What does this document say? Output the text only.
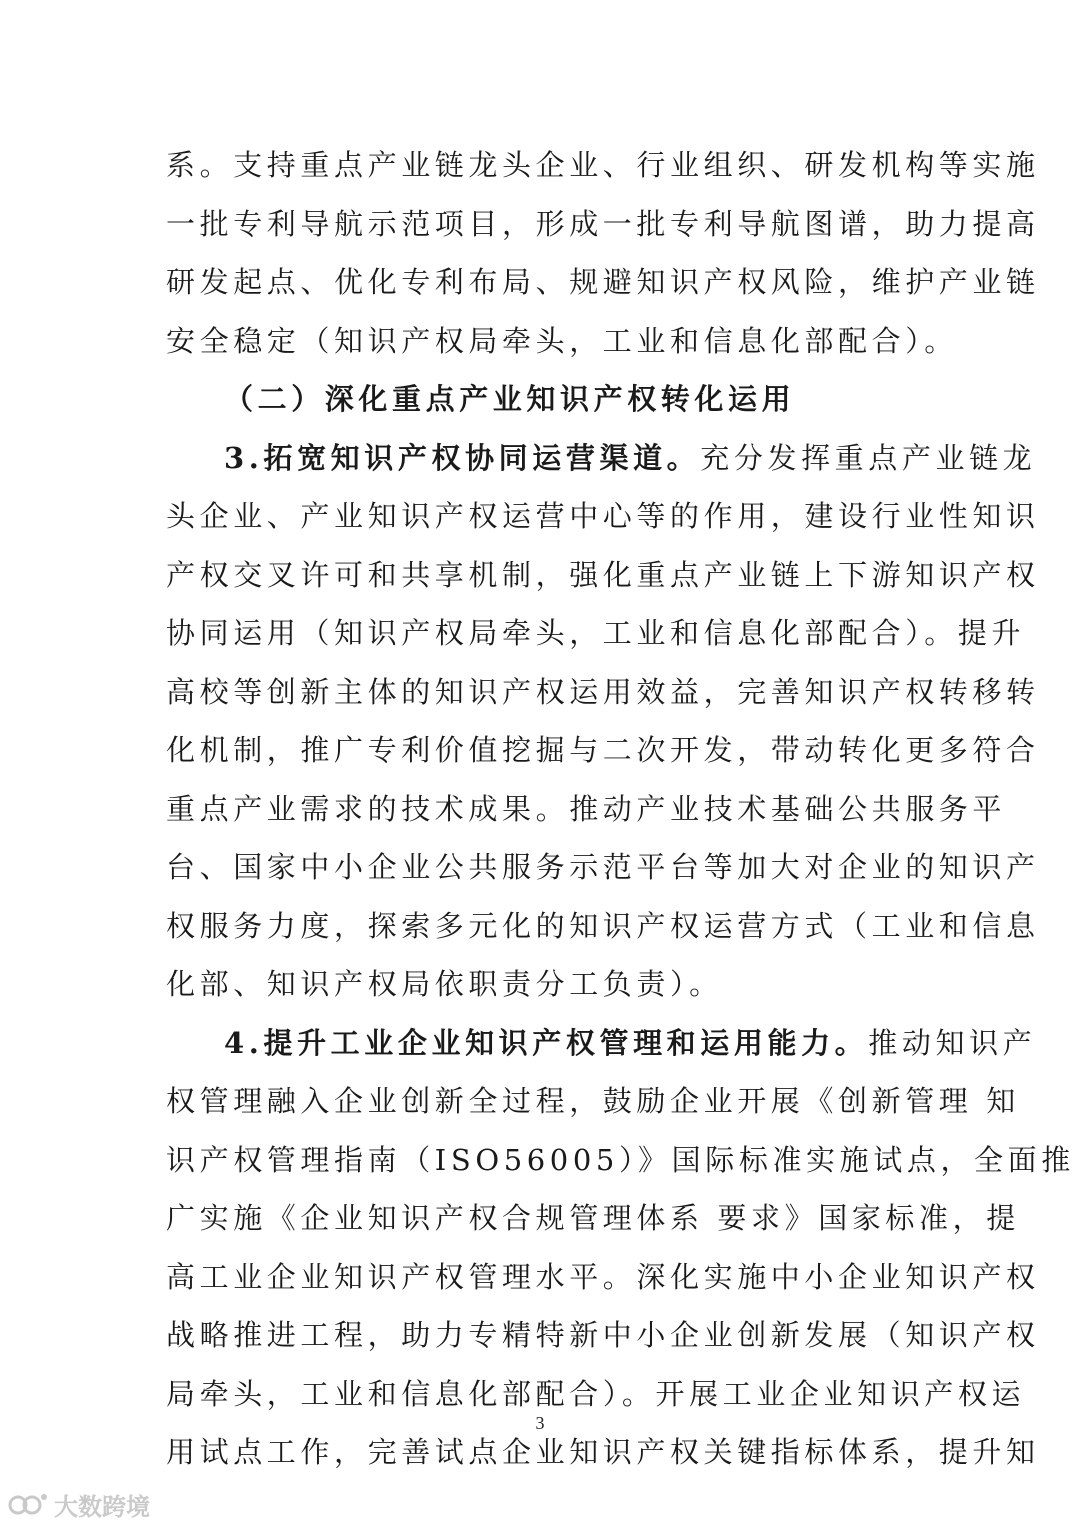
系。支持重点产业链龙头企业、行业组织、研发机构等实施
一批专利导航示范项目，形成一批专利导航图谱，助力提高
研发起点、优化专利布局、规避知识产权风险，维护产业链
安全稳定（知识产权局牵头，工业和信息化部配合）。
（二）深化重点产业知识产权转化运用
3.拓宽知识产权协同运营渠道。充分发挥重点产业链龙
头企业、产业知识产权运营中心等的作用，建设行业性知识
产权交叉许可和共享机制，强化重点产业链上下游知识产权
协同运用（知识产权局牵头，工业和信息化部配合）。提升
高校等创新主体的知识产权运用效益，完善知识产权转移转
化机制，推广专利价值挖掘与二次开发，带动转化更多符合
重点产业需求的技术成果。推动产业技术基础公共服务平
台、国家中小企业公共服务示范平台等加大对企业的知识产
权服务力度，探索多元化的知识产权运营方式（工业和信息
化部、知识产权局依职责分工负责）。
4.提升工业企业知识产权管理和运用能力。推动知识产
权管理融入企业创新全过程，鼓励企业开展《创新管理 知
识产权管理指南（ISO56005）》国际标准实施试点，全面推
广实施《企业知识产权合规管理体系 要求》国家标准，提
高工业企业知识产权管理水平。深化实施中小企业知识产权
战略推进工程，助力专精特新中小企业创新发展（知识产权
局牵头，工业和信息化部配合）。开展工业企业知识产权运
用试点工作，完善试点企业知识产权关键指标体系，提升知
3
大数跨境
